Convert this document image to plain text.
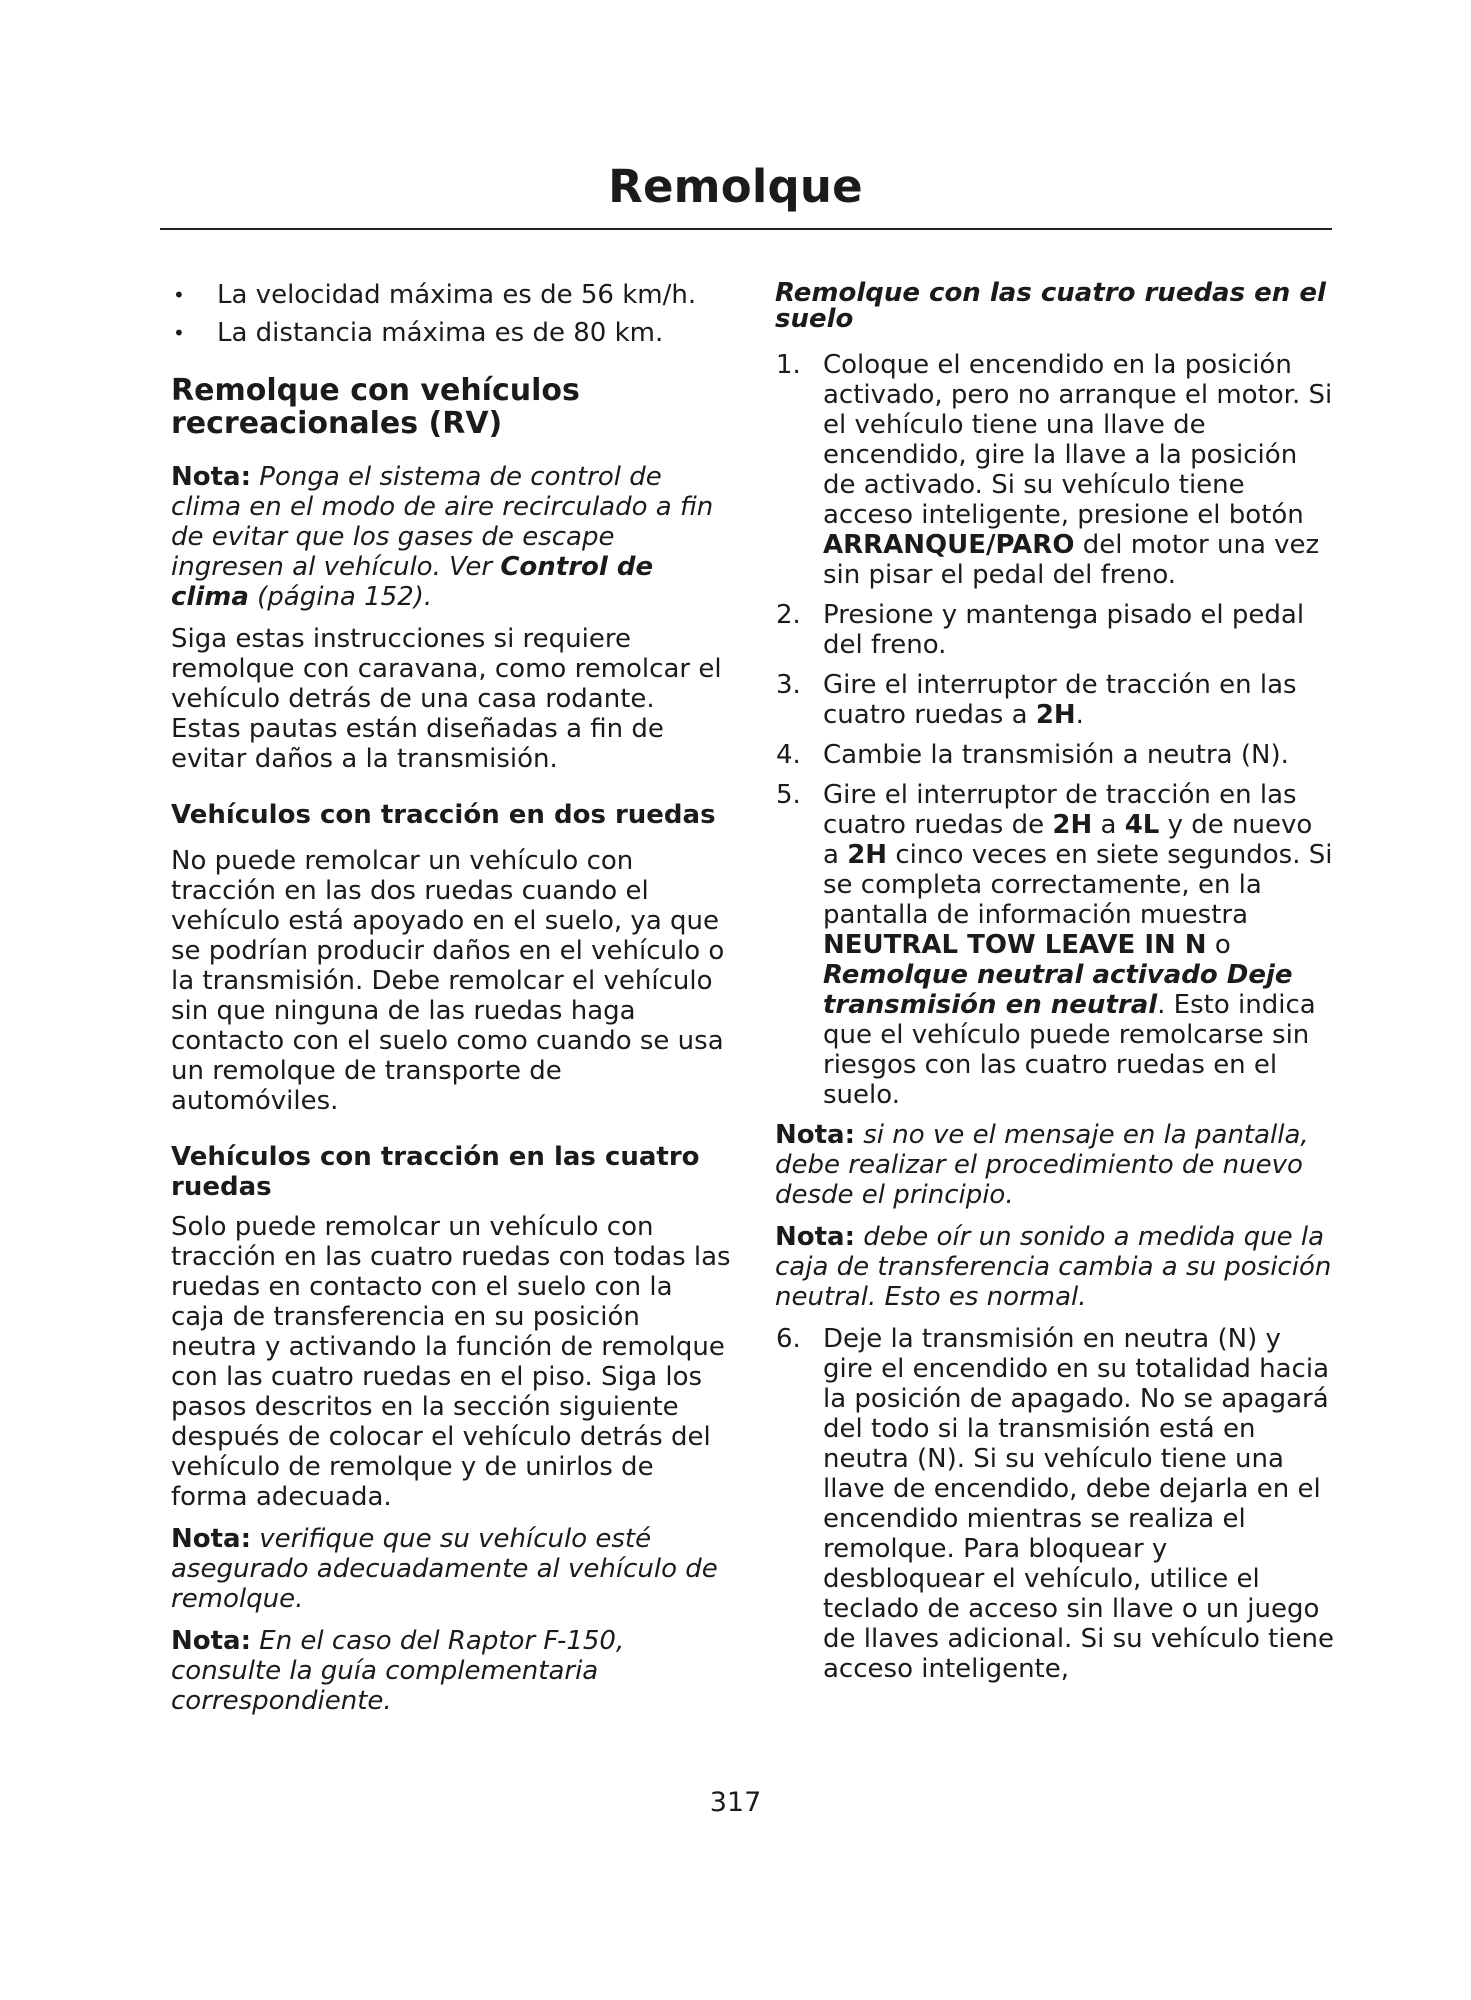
Remolque
• La velocidad máxima es de 56 km/h.
• La distancia máxima es de 80 km.
Remolque con vehículos recreacionales (RV)

Nota: Ponga el sistema de control de clima en el modo de aire recirculado a fin de evitar que los gases de escape ingresen al vehículo. Ver Control de clima (página 152).

Siga estas instrucciones si requiere remolque con caravana, como remolcar el vehículo detrás de una casa rodante. Estas pautas están diseñadas a fin de evitar daños a la transmisión.

Vehículos con tracción en dos ruedas

No puede remolcar un vehículo con tracción en las dos ruedas cuando el vehículo está apoyado en el suelo, ya que se podrían producir daños en el vehículo o la transmisión. Debe remolcar el vehículo sin que ninguna de las ruedas haga contacto con el suelo como cuando se usa un remolque de transporte de automóviles.

Vehículos con tracción en las cuatro ruedas

Solo puede remolcar un vehículo con tracción en las cuatro ruedas con todas las ruedas en contacto con el suelo con la caja de transferencia en su posición neutra y activando la función de remolque con las cuatro ruedas en el piso. Siga los pasos descritos en la sección siguiente después de colocar el vehículo detrás del vehículo de remolque y de unirlos de forma adecuada.

Nota: verifique que su vehículo esté asegurado adecuadamente al vehículo de remolque.

Nota: En el caso del Raptor F-150, consulte la guía complementaria correspondiente.

Remolque con las cuatro ruedas en el suelo
1. Coloque el encendido en la posición activado, pero no arranque el motor. Si el vehículo tiene una llave de encendido, gire la llave a la posición de activado. Si su vehículo tiene acceso inteligente, presione el botón ARRANQUE/PARO del motor una vez sin pisar el pedal del freno.
2. Presione y mantenga pisado el pedal del freno.
3. Gire el interruptor de tracción en las cuatro ruedas a 2H.
4. Cambie la transmisión a neutra (N).
5. Gire el interruptor de tracción en las cuatro ruedas de 2H a 4L y de nuevo a 2H cinco veces en siete segundos. Si se completa correctamente, en la pantalla de información muestra NEUTRAL TOW LEAVE IN N o Remolque neutral activado Deje transmisión en neutral. Esto indica que el vehículo puede remolcarse sin riesgos con las cuatro ruedas en el suelo.

Nota: si no ve el mensaje en la pantalla, debe realizar el procedimiento de nuevo desde el principio.

Nota: debe oír un sonido a medida que la caja de transferencia cambia a su posición neutral. Esto es normal.

6. Deje la transmisión en neutra (N) y gire el encendido en su totalidad hacia la posición de apagado. No se apagará del todo si la transmisión está en neutra (N). Si su vehículo tiene una llave de encendido, debe dejarla en el encendido mientras se realiza el remolque. Para bloquear y desbloquear el vehículo, utilice el teclado de acceso sin llave o un juego de llaves adicional. Si su vehículo tiene acceso inteligente,

317
